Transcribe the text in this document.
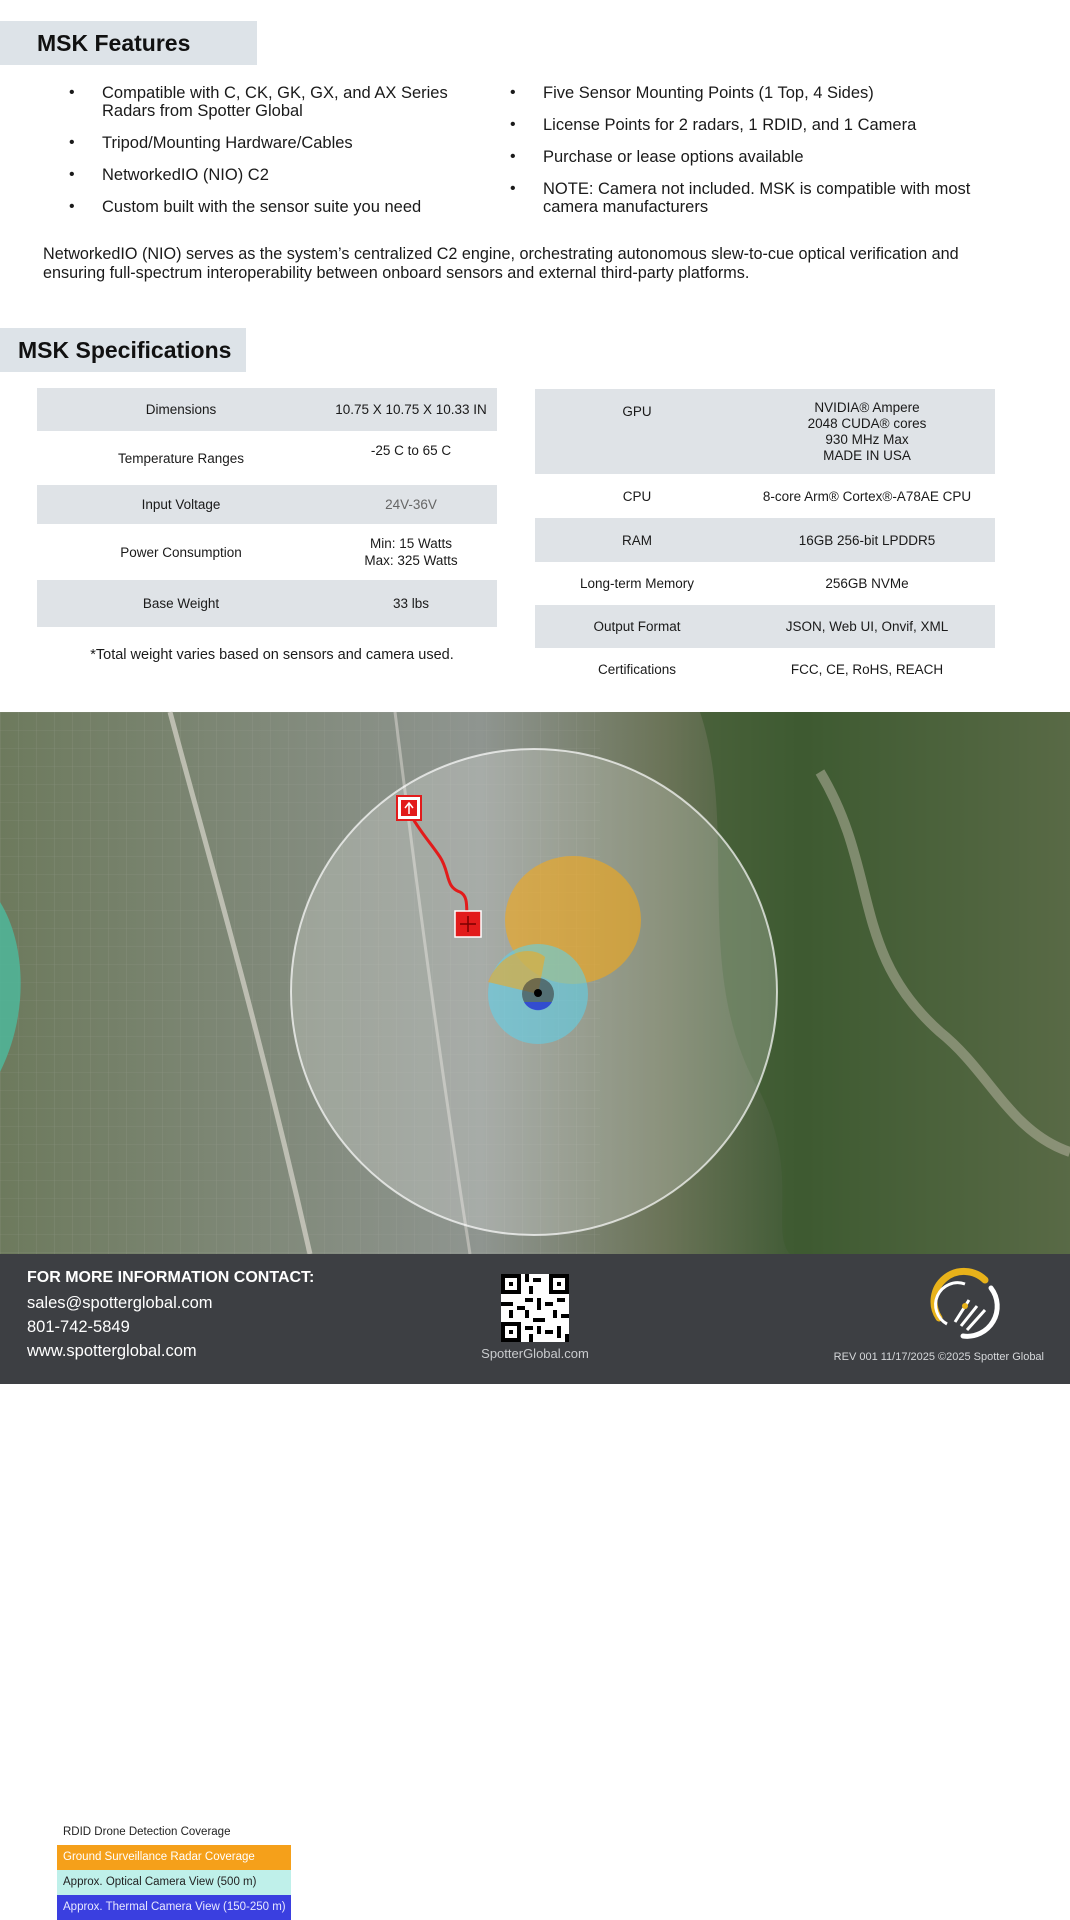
MSK Features
• Compatible with C, CK, GK, GX, and AX Series Radars from Spotter Global
• Tripod/Mounting Hardware/Cables
• NetworkedIO (NIO) C2
• Custom built with the sensor suite you need
• Five Sensor Mounting Points (1 Top, 4 Sides)
• License Points for 2 radars, 1 RDID, and 1 Camera
• Purchase or lease options available
• NOTE: Camera not included. MSK is compatible with most camera manufacturers

NetworkedIO (NIO) serves as the system’s centralized C2 engine, orchestrating autonomous slew-to-cue optical verification and ensuring full-spectrum interoperability between onboard sensors and external third-party platforms.

MSK Specifications
Dimensions	10.75 X 10.75 X 10.33 IN
Temperature Ranges	-25 C to 65 C
Input Voltage	24V-36V
Power Consumption	Min: 15 Watts
Max: 325 Watts
Base Weight	33 lbs
*Total weight varies based on sensors and camera used.
GPU	NVIDIA® Ampere
2048 CUDA® cores
930 MHz Max
MADE IN USA
CPU	8-core Arm® Cortex®-A78AE CPU
RAM	16GB 256-bit LPDDR5
Long-term Memory	256GB NVMe
Output Format	JSON, Web UI, Onvif, XML
Certifications	FCC, CE, RoHS, REACH
RDID Drone Detection Coverage
Ground Surveillance Radar Coverage
Approx. Optical Camera View (500 m)
Approx. Thermal Camera View (150-250 m)
FOR MORE INFORMATION CONTACT:
sales@spotterglobal.com
801-742-5849
www.spotterglobal.com	SpotterGlobal.com	REV 001 11/17/2025 ©2025 Spotter Global
